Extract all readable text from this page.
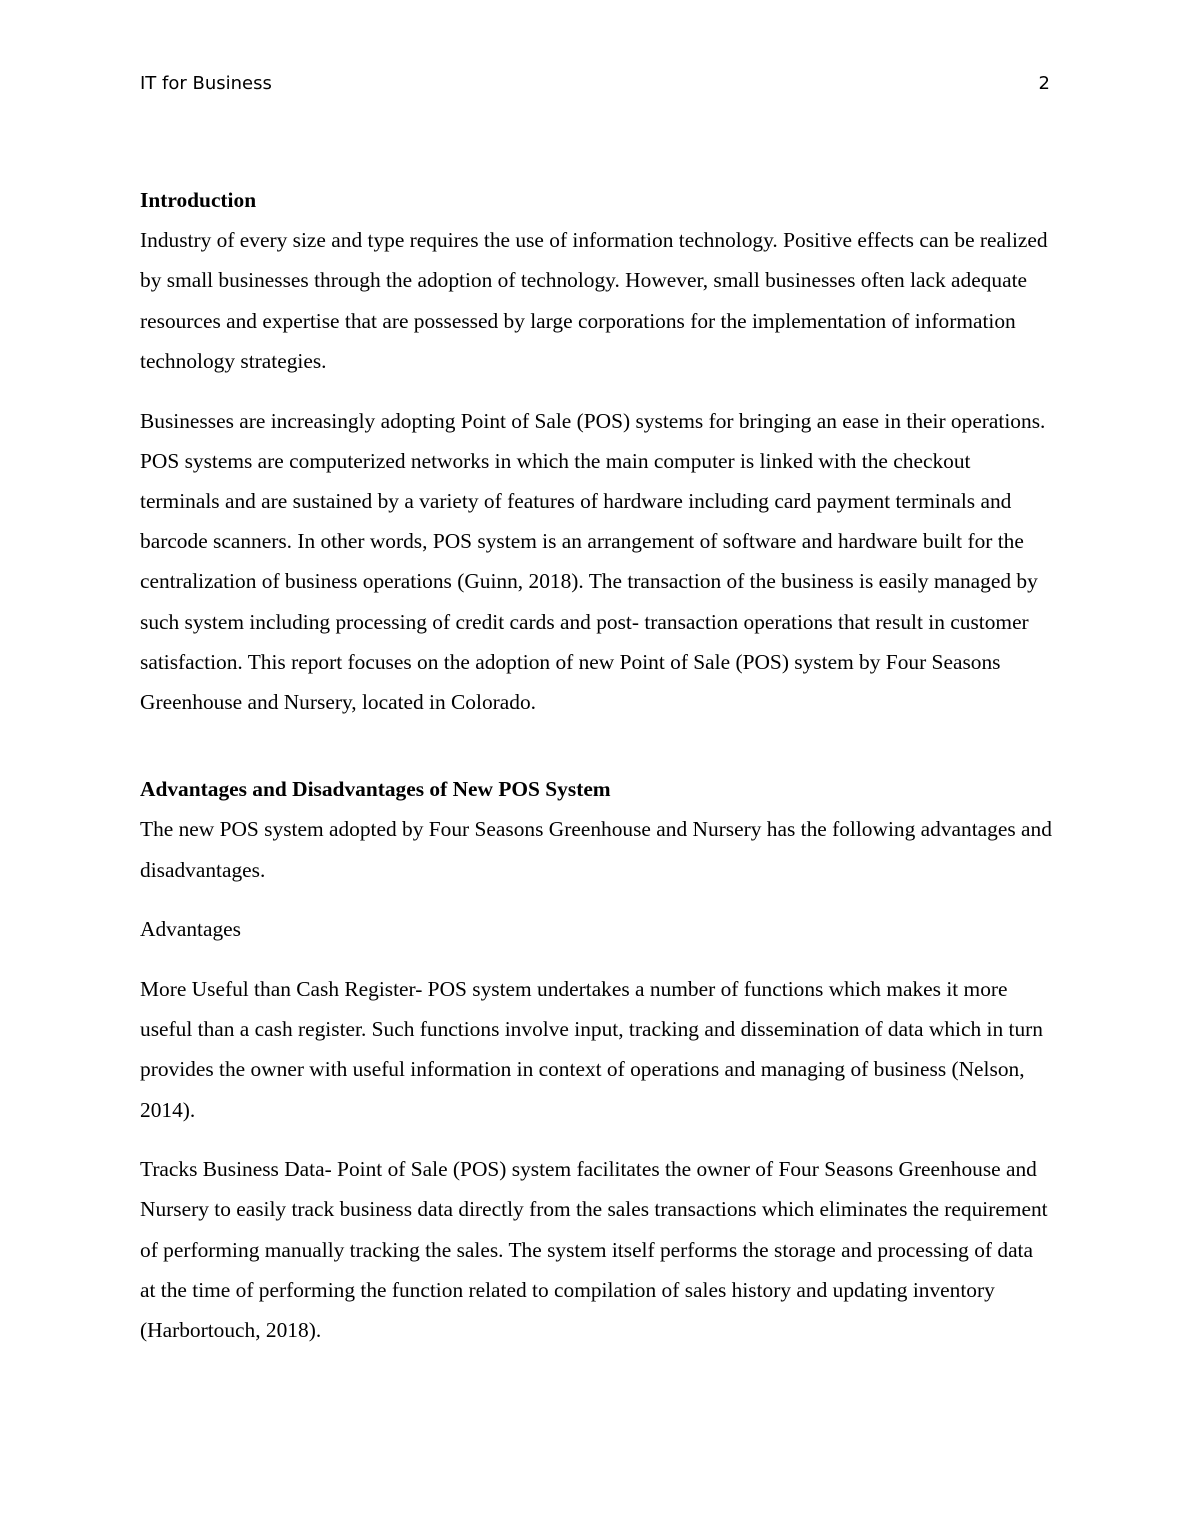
IT for Business	2
Introduction

Industry of every size and type requires the use of information technology. Positive effects can be realized by small businesses through the adoption of technology. However, small businesses often lack adequate resources and expertise that are possessed by large corporations for the implementation of information technology strategies.

Businesses are increasingly adopting Point of Sale (POS) systems for bringing an ease in their operations. POS systems are computerized networks in which the main computer is linked with the checkout terminals and are sustained by a variety of features of hardware including card payment terminals and barcode scanners. In other words, POS system is an arrangement of software and hardware built for the centralization of business operations (Guinn, 2018). The transaction of the business is easily managed by such system including processing of credit cards and post- transaction operations that result in customer satisfaction. This report focuses on the adoption of new Point of Sale (POS) system by Four Seasons Greenhouse and Nursery, located in Colorado.

Advantages and Disadvantages of New POS System

The new POS system adopted by Four Seasons Greenhouse and Nursery has the following advantages and disadvantages.

Advantages

More Useful than Cash Register- POS system undertakes a number of functions which makes it more useful than a cash register. Such functions involve input, tracking and dissemination of data which in turn provides the owner with useful information in context of operations and managing of business (Nelson, 2014).

Tracks Business Data- Point of Sale (POS) system facilitates the owner of Four Seasons Greenhouse and Nursery to easily track business data directly from the sales transactions which eliminates the requirement of performing manually tracking the sales. The system itself performs the storage and processing of data at the time of performing the function related to compilation of sales history and updating inventory (Harbortouch, 2018).
